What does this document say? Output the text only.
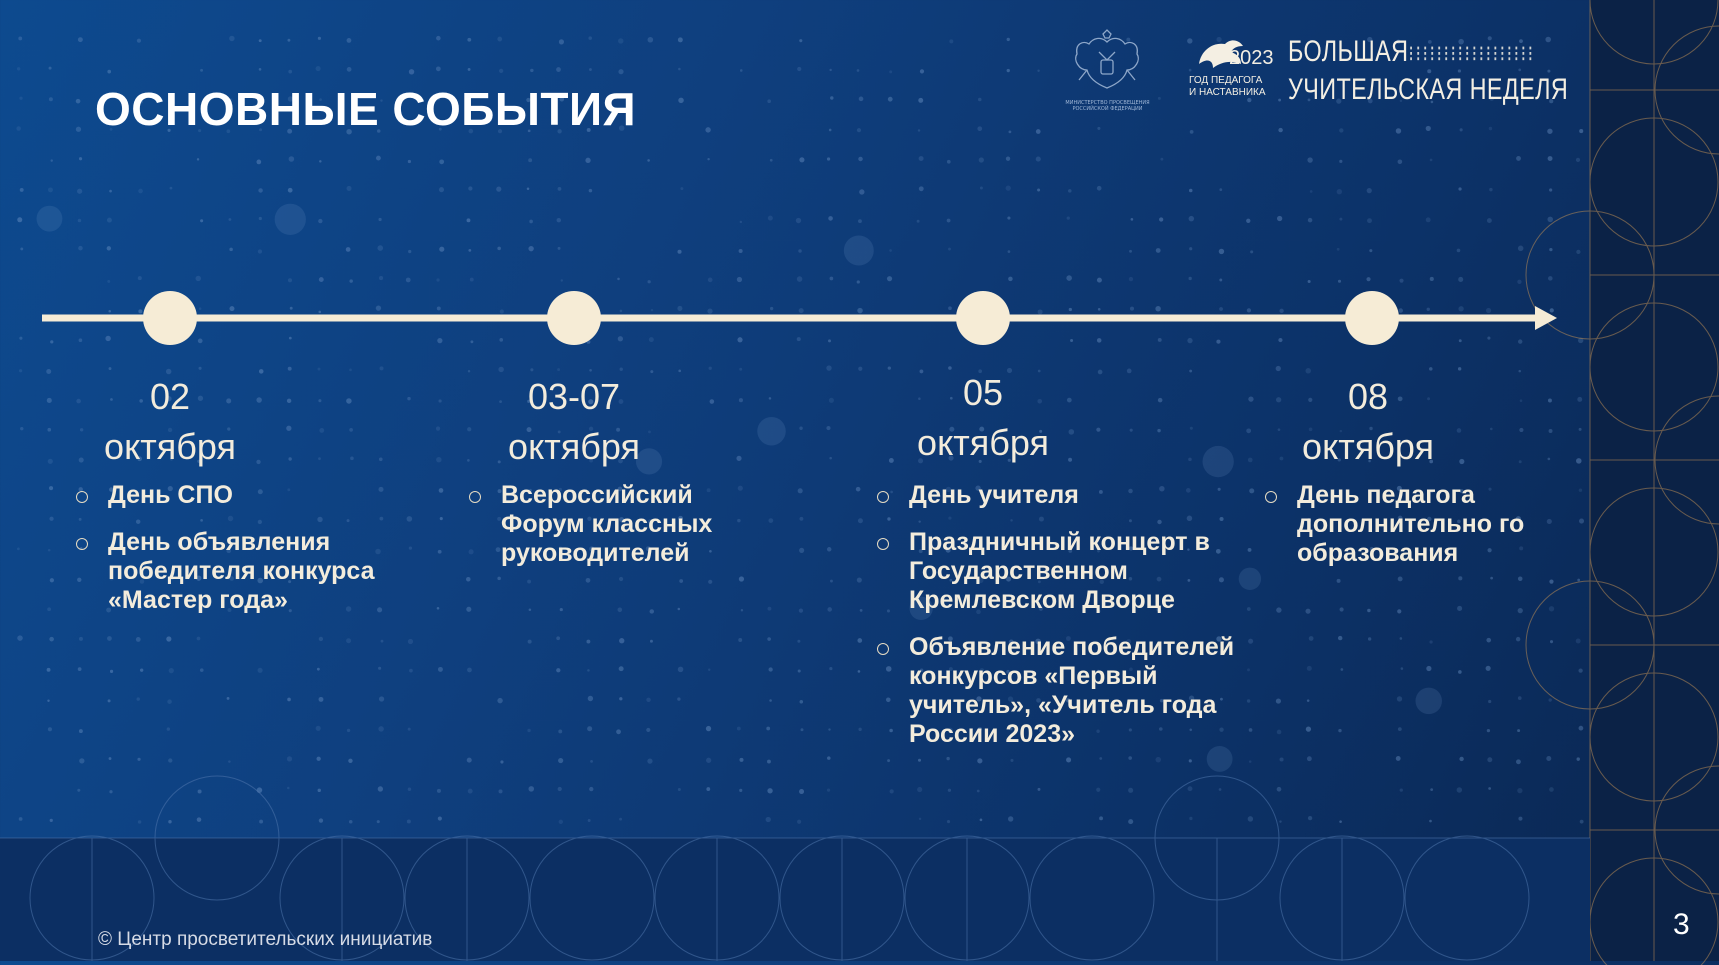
ОСНОВНЫЕ СОБЫТИЯ	МИНИСТЕРСТВО ПРОСВЕЩЕНИЯ РОССИЙСКОЙ ФЕДЕРАЦИИ
2023
ГОД ПЕДАГОГА
И НАСТАВНИКА
БОЛЬШАЯ⁝⁝⁝⁝⁝⁝⁝⁝⁝⁝⁝⁝⁝⁝⁝⁝⁝⁝
УЧИТЕЛЬСКАЯ НЕДЕЛЯ
02
октября
День СПО
День объявления победителя конкурса «Мастер года»
03-07
октября
Всероссийский Форум классных руководителей
05
октября
День учителя
Праздничный концерт в Государственном Кремлевском Дворце
Объявление победителей конкурсов «Первый учитель», «Учитель года России 2023»
08
октября
День педагога дополнительно го образования
© Центр просветительских инициатив	3
